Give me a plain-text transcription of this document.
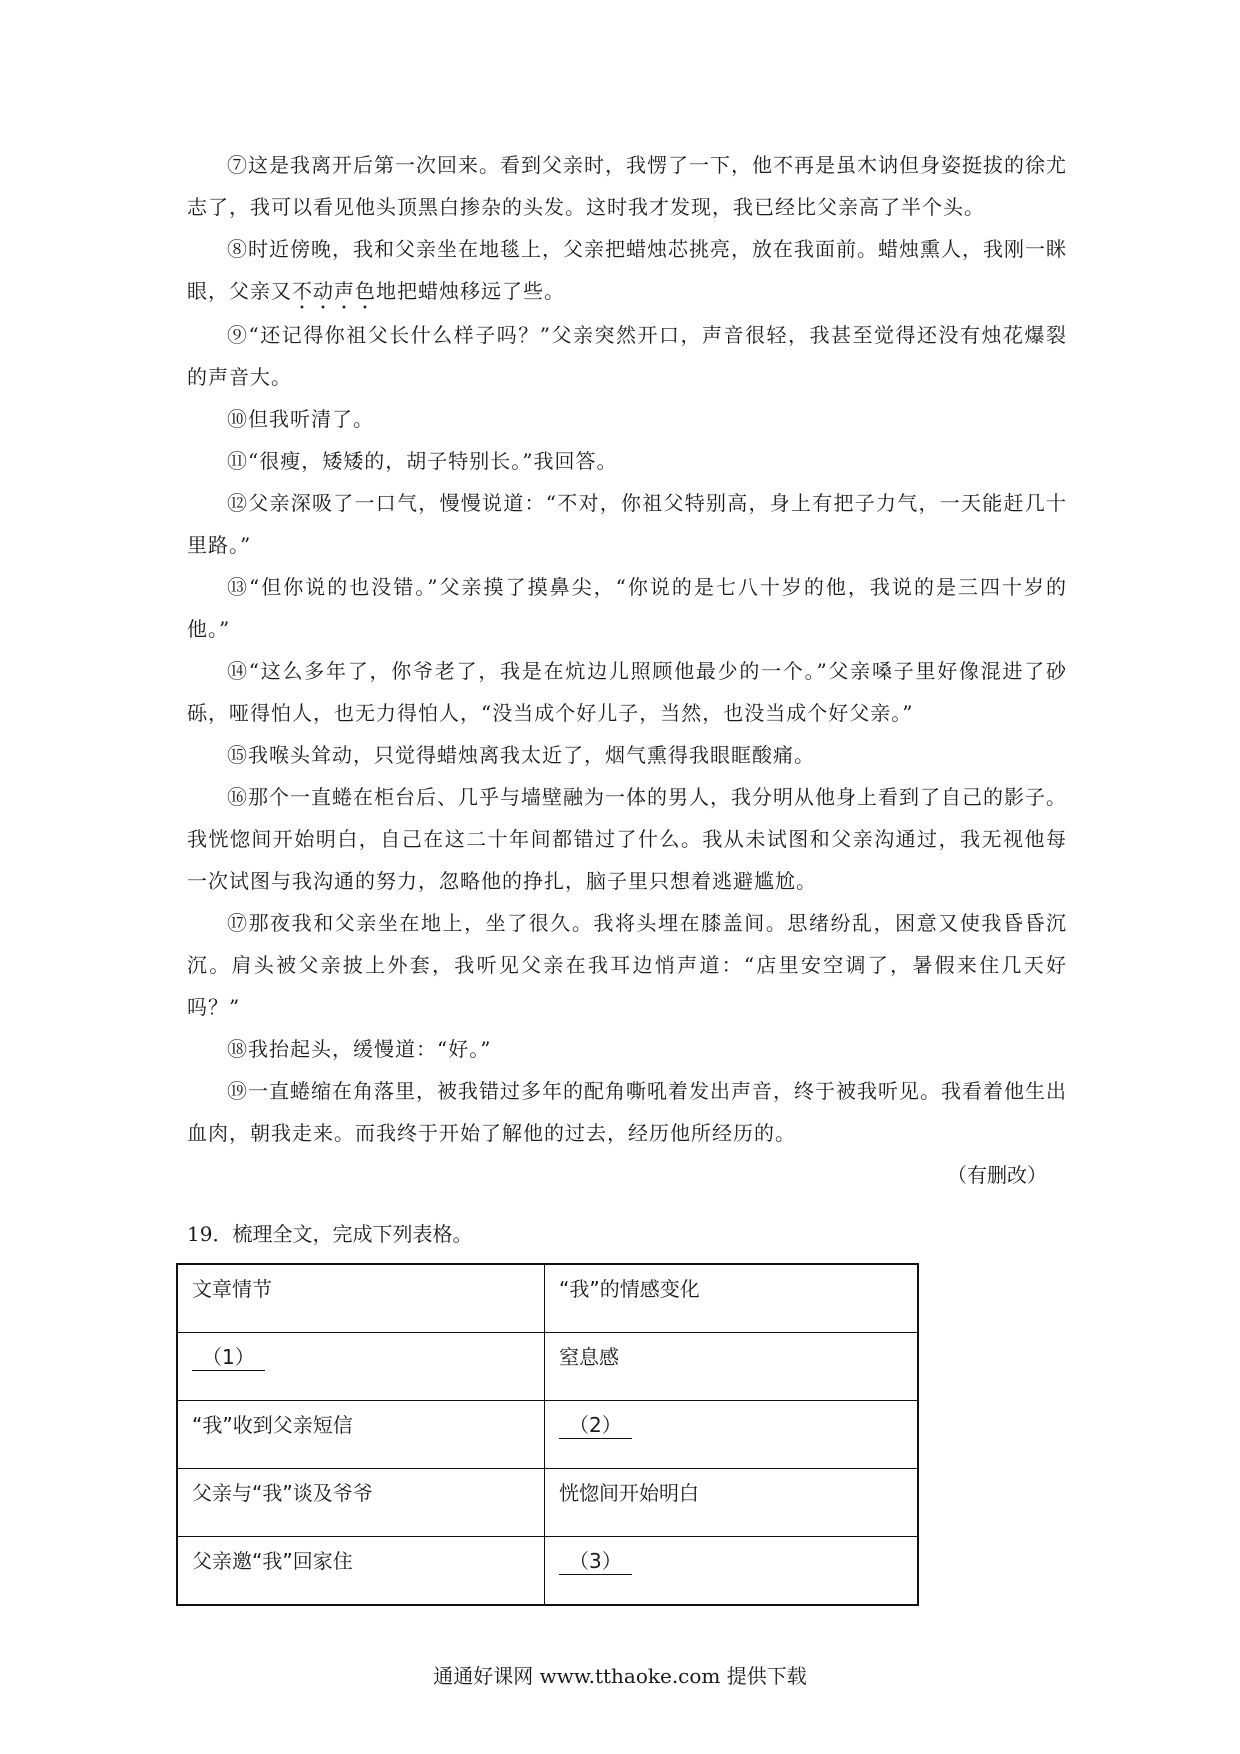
⑦这是我离开后第一次回来。看到父亲时，我愣了一下，他不再是虽木讷但身姿挺拔的徐尤志了，我可以看见他头顶黑白掺杂的头发。这时我才发现，我已经比父亲高了半个头。

⑧时近傍晚，我和父亲坐在地毯上，父亲把蜡烛芯挑亮，放在我面前。蜡烛熏人，我刚一眯眼，父亲又不动声色地把蜡烛移远了些。

⑨“还记得你祖父长什么样子吗？”父亲突然开口，声音很轻，我甚至觉得还没有烛花爆裂的声音大。

⑩但我听清了。

⑪“很瘦，矮矮的，胡子特别长。”我回答。

⑫父亲深吸了一口气，慢慢说道：“不对，你祖父特别高，身上有把子力气，一天能赶几十里路。”

⑬“但你说的也没错。”父亲摸了摸鼻尖，“你说的是七八十岁的他，我说的是三四十岁的他。”

⑭“这么多年了，你爷老了，我是在炕边儿照顾他最少的一个。”父亲嗓子里好像混进了砂砾，哑得怕人，也无力得怕人，“没当成个好儿子，当然，也没当成个好父亲。”

⑮我喉头耸动，只觉得蜡烛离我太近了，烟气熏得我眼眶酸痛。

⑯那个一直蜷在柜台后、几乎与墙壁融为一体的男人，我分明从他身上看到了自己的影子。我恍惚间开始明白，自己在这二十年间都错过了什么。我从未试图和父亲沟通过，我无视他每一次试图与我沟通的努力，忽略他的挣扎，脑子里只想着逃避尴尬。

⑰那夜我和父亲坐在地上，坐了很久。我将头埋在膝盖间。思绪纷乱，困意又使我昏昏沉沉。肩头被父亲披上外套，我听见父亲在我耳边悄声道：“店里安空调了，暑假来住几天好吗？”

⑱我抬起头，缓慢道：“好。”

⑲一直蜷缩在角落里，被我错过多年的配角嘶吼着发出声音，终于被我听见。我看着他生出血肉，朝我走来。而我终于开始了解他的过去，经历他所经历的。

（有删改）

19．梳理全文，完成下列表格。

文章情节	“我”的情感变化
（1）	窒息感
“我”收到父亲短信	（2）
父亲与“我”谈及爷爷	恍惚间开始明白
父亲邀“我”回家住	（3）
通通好课网 www.tthaoke.com 提供下载
